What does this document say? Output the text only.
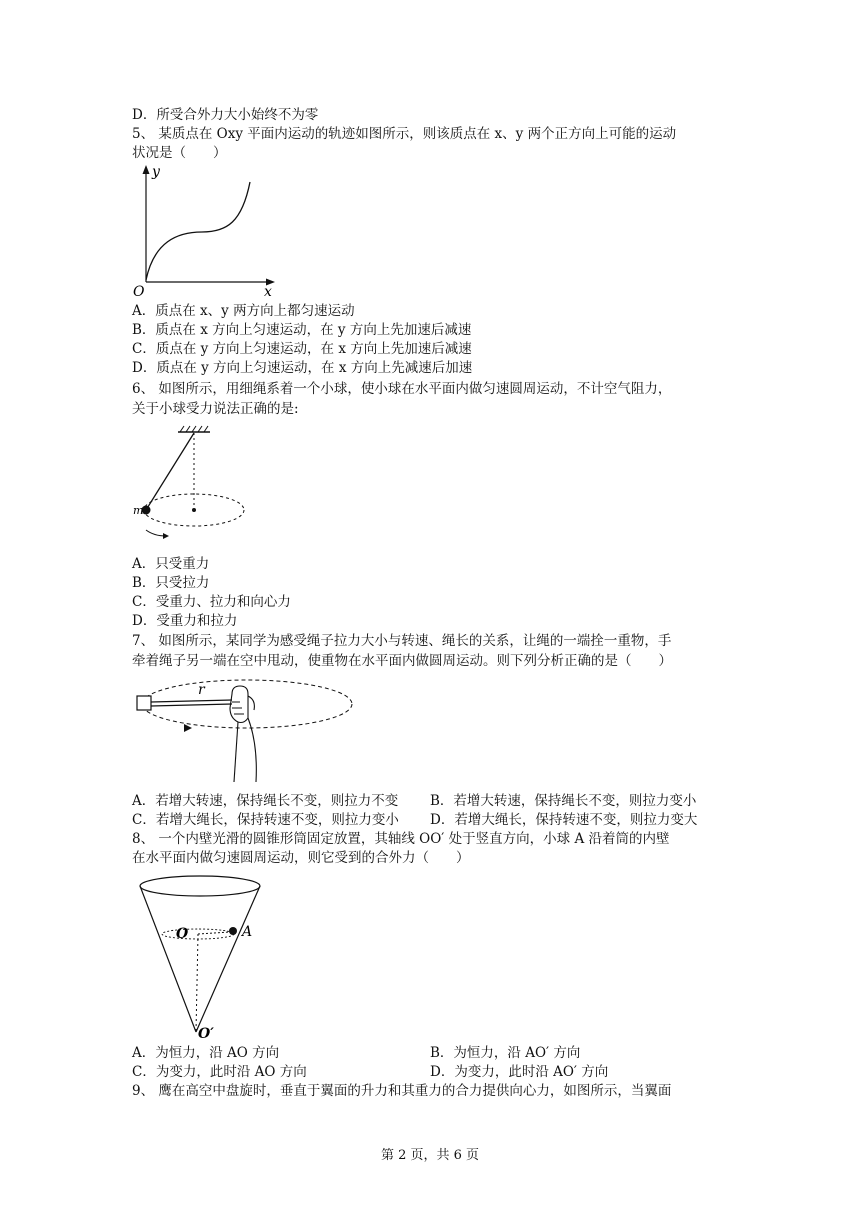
D．所受合外力大小始终不为零
5、 某质点在 Oxy 平面内运动的轨迹如图所示，则该质点在 x、y 两个正方向上可能的运动
状况是（　　）
y
x
O
A．质点在 x、y 两方向上都匀速运动
B．质点在 x 方向上匀速运动，在 y 方向上先加速后减速
C．质点在 y 方向上匀速运动，在 x 方向上先加速后减速
D．质点在 y 方向上匀速运动，在 x 方向上先减速后加速
6、 如图所示，用细绳系着一个小球，使小球在水平面内做匀速圆周运动，不计空气阻力，
关于小球受力说法正确的是:
m
A．只受重力
B．只受拉力
C．受重力、拉力和向心力
D．受重力和拉力
7、 如图所示，某同学为感受绳子拉力大小与转速、绳长的关系，让绳的一端拴一重物，手
牵着绳子另一端在空中甩动，使重物在水平面内做圆周运动。则下列分析正确的是（　　）
r
A．若增大转速，保持绳长不变，则拉力不变 B．若增大转速，保持绳长不变，则拉力变小
C．若增大绳长，保持转速不变，则拉力变小 D．若增大绳长，保持转速不变，则拉力变大
8、 一个内壁光滑的圆锥形筒固定放置，其轴线 OO′ 处于竖直方向，小球 A 沿着筒的内壁
在水平面内做匀速圆周运动，则它受到的合外力（　　）
O	A
O′
A．为恒力，沿 AO 方向	B．为恒力，沿 AO′ 方向
C．为变力，此时沿 AO 方向	D．为变力，此时沿 AO′ 方向
9、 鹰在高空中盘旋时，垂直于翼面的升力和其重力的合力提供向心力，如图所示，当翼面
第 2 页，共 6 页
